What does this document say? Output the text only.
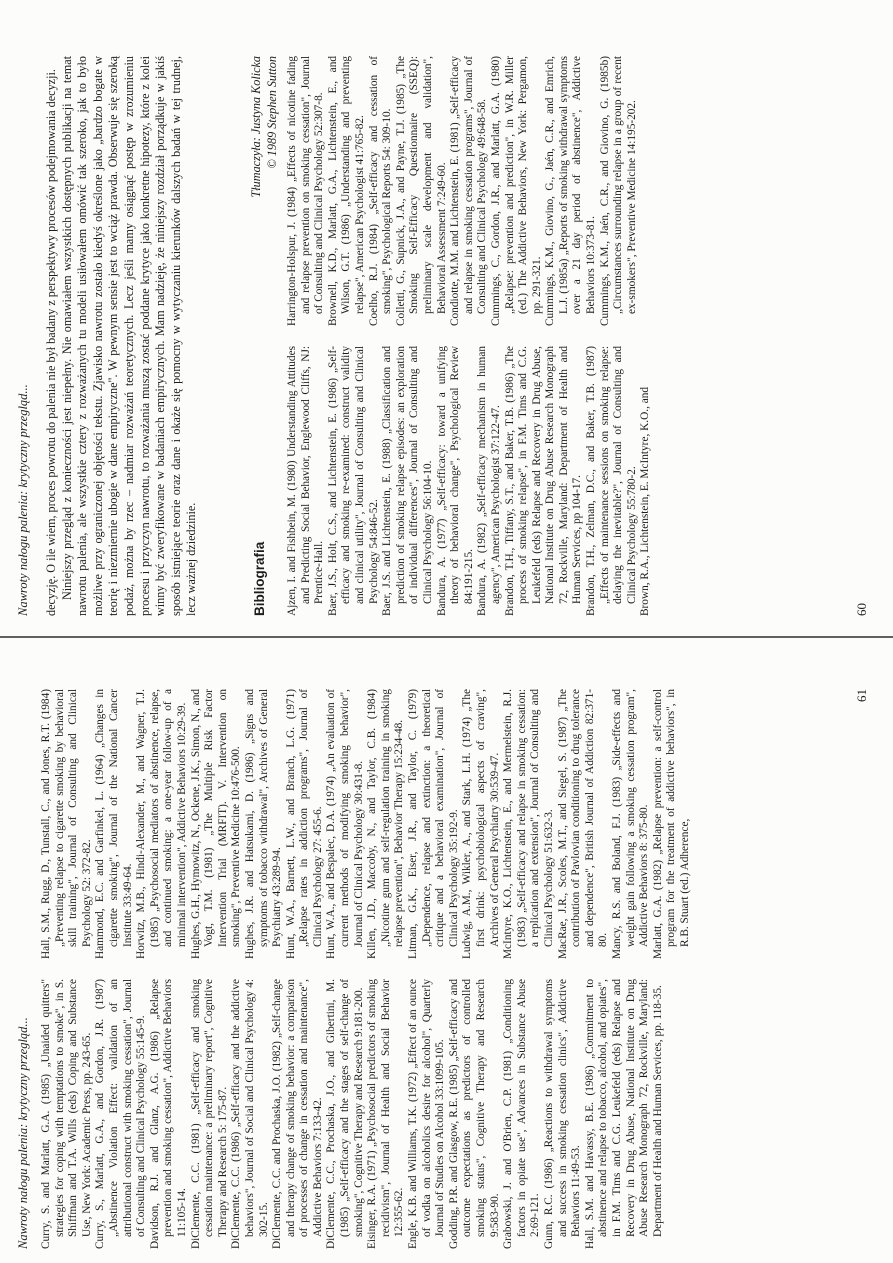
Nawroty nałogu palenia: krytyczny przegląd... decyzję. O ile wiem, proces powrotu do palenia nie był badany z perspektywy procesów podejmowania decyzji. Niniejszy przegląd z konieczności jest niepełny. Nie omawiałem wszystkich dostępnych publikacji na temat nawrotu palenia, ale wszystkie cztery z rozważanych tu modeli usiłowałem omówić tak szeroko, jak to było możliwe przy ograniczonej objętości tekstu. Zjawisko nawrotu zostało kiedyś określone jako „bardzo bogate w teorię i niezmiernie ubogie w dane empiryczne". W pewnym sensie jest to wciąż prawda. Obserwuje się szeroką podaż, można by rzec – nadmiar rozważań teoretycznych. Lecz jeśli mamy osiągnąć postęp w zrozumieniu procesu i przyczyn nawrotu, to rozważania muszą zostać poddane krytyce jako konkretne hipotezy, które z kolei winny być zweryfikowane w badaniach empirycznych. Mam nadzieję, że niniejszy rozdział porządkuje w jakiś sposób istniejące teorie oraz dane i okaże się pomocny w wytyczaniu kierunków dalszych badań w tej trudnej, lecz ważnej dziedzinie.

Tłumaczyła: Justyna Kolicka © 1989 Stephen Sutton
Bibliografia Ajzen, I. and Fishbein, M. (1980) Understanding Attitudes and Predicting Social Behavior, Englewood Cliffs, NJ: Prentice-Hall. Baer, J.S., Holt, C.S., and Lichtenstein, E. (1986) „Self-efficacy and smoking re-examined: construct validity and clinical utility", Journal of Consulting and Clinical Psychology 54:846-52. Baer, J.S. and Lichtenstein, E. (1988) „Classification and prediction of smoking relapse episodes: an exploration of individual differences", Journal of Consulting and Clinical Psychology 56:104-10. Bandura, A. (1977) „Self-efficacy: toward a unifying theory of behavioral change", Psychological Review 84:191-215. Bandura, A. (1982) „Self-efficacy mechanism in human agency", American Psychologist 37:122-47. Brandon, T.H., Tiffany, S.T., and Baker, T.B. (1986) „The process of smoking relapse", in F.M. Tims and C.G. Leukefeld (eds) Relapse and Recovery in Drug Abuse, National Institute on Drug Abuse Research Monograph 72, Rockville, Maryland: Department of Health and Human Services, pp 104-17. Brandon, T.H., Zelman, D.C., and Baker, T.B. (1987) „Effects of maintenance sessions on smoking relapse: delaying the inevitable?", Journal of Consulting and Clinical Psychology 55:780-2. Brown, R.A., Lichtenstein, E. McIntyre, K.O., and

Harrington-Holspur, J. (1984) „Effects of nicotine fading and relapse prevention on smoking cessation", Journal of Consulting and Clinical Psychology 52:307-8. Brownell, K.D., Marlatt, G.A., Lichtenstein, E., and Wilson, G.T. (1986) „Understanding and preventing relapse", American Psychologist 41:765-82. Coelho, R.J. (1984) „Self-efficacy and cessation of smoking", Psychological Reports 54: 309-10. Colletti, G., Supnick, J.A., and Payne, T.J. (1985) „The Smoking Self-Efficacy Questionnaire (SSEQ): preliminary scale development and validation", Behavioral Assessment 7:249-60. Condiotte, M.M. and Lichtenstein, E. (1981) „Self-efficacy and relapse in smoking cessation programs", Journal of Consulting and Clinical Psychology 49:648-58. Cummings, C., Gordon, J.R., and Marlatt, G.A. (1980) „Relapse: prevention and prediction", in W.R. Miller (ed.) The Addictive Behaviors, New York: Pergamon, pp. 291-321. Cummings, K.M., Giovino, G., Jaén, C.R., and Emrich, L.J. (1985a) „Reports of smoking withdrawal symptoms over a 21 day period of abstinence", Addictive Behaviors 10:373-81. Cummings, K.M., Jaén, C.R., and Giovino, G. (1985b) „Circumstances surrounding relapse in a group of recent ex-smokers", Preventive Medicine 14:195-202.

60
Nawroty nałogu palenia: krytyczny przegląd... Curry, S. and Marlatt, G.A. (1985) „Unaided quitters" strategies for coping with temptations to smoke", in S. Shiffman and T.A. Wills (eds) Coping and Substance Use, New York: Academic Press, pp. 243-65. Curry, S., Marlatt, G.A., and Gordon, J.R. (1987) „Abstinence Violation Effect: validation of an attributional construct with smoking cessation", Journal of Consulting and Clinical Psychology 55:145-9. Davidson, R.J. and Glanz, A.G. (1986) „Relapse prevention and smoking cessation", Addictive Behaviors 11:105-14. DiClemente, C.C. (1981) „Self-efficacy and smoking cessation maintenance: a preliminary report", Cognitive Therapy and Research 5: 175-87. DiClemente, C.C. (1986) „Self-efficacy and the addictive behaviors", Journal of Social and Clinical Psychology 4: 302-15. DiClemente, C.C. and Prochaska, J.O. (1982) „Self-change and therapy change of smoking behavior: a comparison of processes of change in cessation and maintenance", Addictive Behaviors 7:133-42. DiClemente, C.C., Prochaska, J.O., and Gibertini, M. (1985) „Self-efficacy and the stages of self-change of smoking", Cognitive Therapy and Research 9:181-200. Eisinger, R.A. (1971) „Psychosocial predictors of smoking recidivism", Journal of Health and Social Behavior 12:355-62. Engle, K.B. and Williams, T.K. (1972) „Effect of an ounce of vodka on alcoholics desire for alcohol", Quarterly Journal of Studies on Alcohol 33:1099-105. Godding, P.R. and Glasgow, R.E. (1985) „Self-efficacy and outcome expectations as predictors of controlled smoking status", Cognitive Therapy and Research 9:583-90. Grabowski, J. and O'Brien, C.P. (1981) „Conditioning factors in opiate use", Advances in Substance Abuse 2:69-121. Gunn, R.C. (1986) „Reactions to withdrawal symptoms and success in smoking cessation clinics", Addictive Behaviors 11:49-53. Hall, S.M. and Havassy, B.E. (1986) „Commitment to abstinence and relapse to tobacco, alcohol, and opiates", in F.M. Tims and C.G. Leukefeld (eds) Relapse and Recovery in Drug Abuse, National Institute on Drug Abuse Research Monograph 72, Rockville, Maryland: Department of Health and Human Services, pp. 118-35.

Hall, S.M., Rugg, D., Tunstall, C., and Jones, R.T. (1984) „Preventing relapse to cigarette smoking by behavioral skill training", Journal of Consulting and Clinical Psychology 52: 372-82. Hammond, E.C. and Garfinkel, L. (1964) „Changes in cigarette smoking", Journal of the National Cancer Institute 33:49-64. Horwitz, M.B., Hindi-Alexander, M., and Wagner, T.J. (1985) „Psychosocial mediators of abstinence, relapse, and continued smoking: a one-year follow-up of a minimal intervention", Addictive Behaviors 10:29-39. Hughes, G.H., Hymowitz, N., Ockene, J.K., Simon, N., and Vogt, T.M. (1981) „The Multiple Risk Factor Intervention Trial (MRFIT). V. Intervention on smoking", Preventive Medicine 10:476-500. Hughes, J.R. and Hatsukami, D. (1986) „Signs and symptoms of tobacco withdrawal", Archives of General Psychiatry 43:289-94. Hunt, W.A., Barnett, L.W., and Branch, L.G. (1971) „Relapse rates in addiction programs", Journal of Clinical Psychology 27: 455-6. Hunt, W.A., and Bespalec, D.A. (1974) „An evaluation of current methods of modifying smoking behavior", Journal of Clinical Psychology 30:431-8. Killen, J.D., Maccoby, N., and Taylor, C.B. (1984) „Nicotine gum and self-regulation training in smoking relapse prevention", Behavior Therapy 15:234-48. Litman, G.K., Eiser, J.R., and Taylor, C. (1979) „Dependence, relapse and extinction: a theoretical critique and a behavioral examination", Journal of Clinical Psychology 35:192-9. Ludwig, A.M., Wikler, A., and Stark, L.H. (1974) „The first drink: psychobiological aspects of craving", Archives of General Psychiatry 30:539-47. McIntyre, K.O., Lichtenstein, E., and Mermelstein, R.J. (1983) „Self-efficacy and relapse in smoking cessation: a replication and extension", Journal of Consulting and Clinical Psychology 51:632-3. MacRae, J.R., Scoles, M.T., and Siegel, S. (1987) „The contribution of Pavlovian conditioning to drug tolerance and dependence", British Journal of Addiction 82:371-80. Mancy, R.S. and Boland, F.J. (1983) „Side-effects and weight gain following a smoking cessation program", Addictive Behaviors 8: 375-80. Marlatt, G.A. (1982) „Relapse prevention: a self-control program for the treatment of addictive behaviors", in R.B. Stuart (ed.) Adherence,

61
